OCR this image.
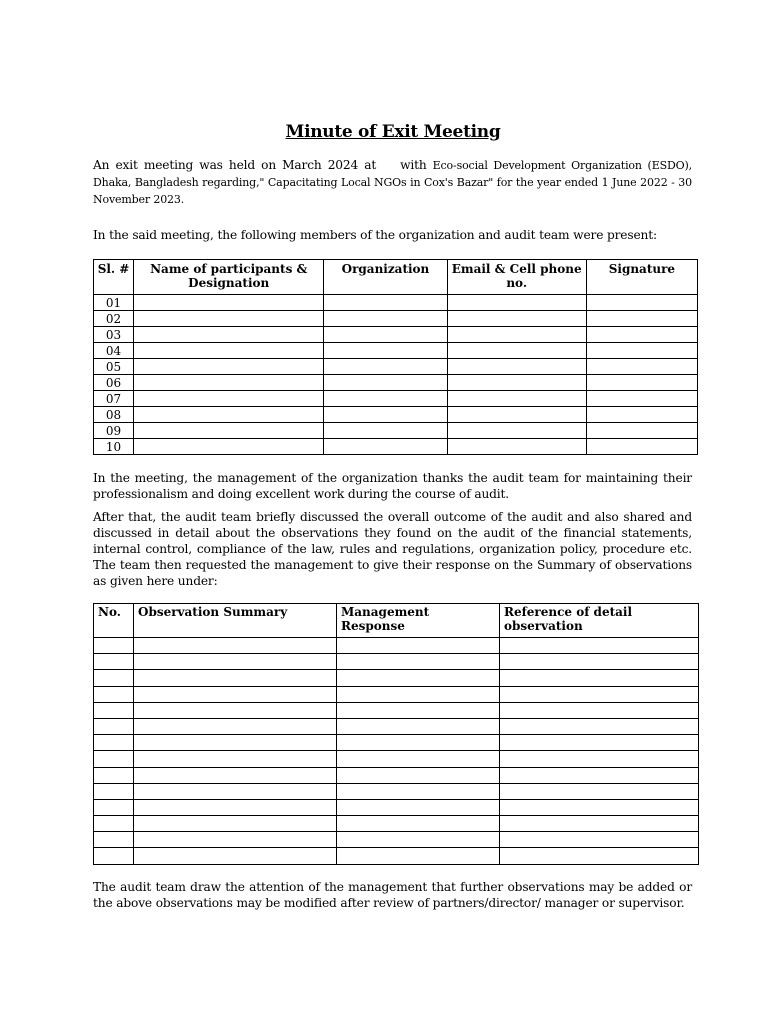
Minute of Exit Meeting
An exit meeting was held on March 2024 at with Eco-social Development Organization (ESDO), Dhaka, Bangladesh regarding," Capacitating Local NGOs in Cox's Bazar" for the year ended 1 June 2022 - 30 November 2023.
In the said meeting, the following members of the organization and audit team were present:
Sl. #	Name of participants & Designation	Organization	Email & Cell phone no.	Signature
01				
02				
03				
04				
05				
06				
07				
08				
09				
10				
In the meeting, the management of the organization thanks the audit team for maintaining their professionalism and doing excellent work during the course of audit.
After that, the audit team briefly discussed the overall outcome of the audit and also shared and discussed in detail about the observations they found on the audit of the financial statements, internal control, compliance of the law, rules and regulations, organization policy, procedure etc. The team then requested the management to give their response on the Summary of observations as given here under:
No.	Observation Summary	Management Response	Reference of detail observation

The audit team draw the attention of the management that further observations may be added or the above observations may be modified after review of partners/director/ manager or supervisor.
